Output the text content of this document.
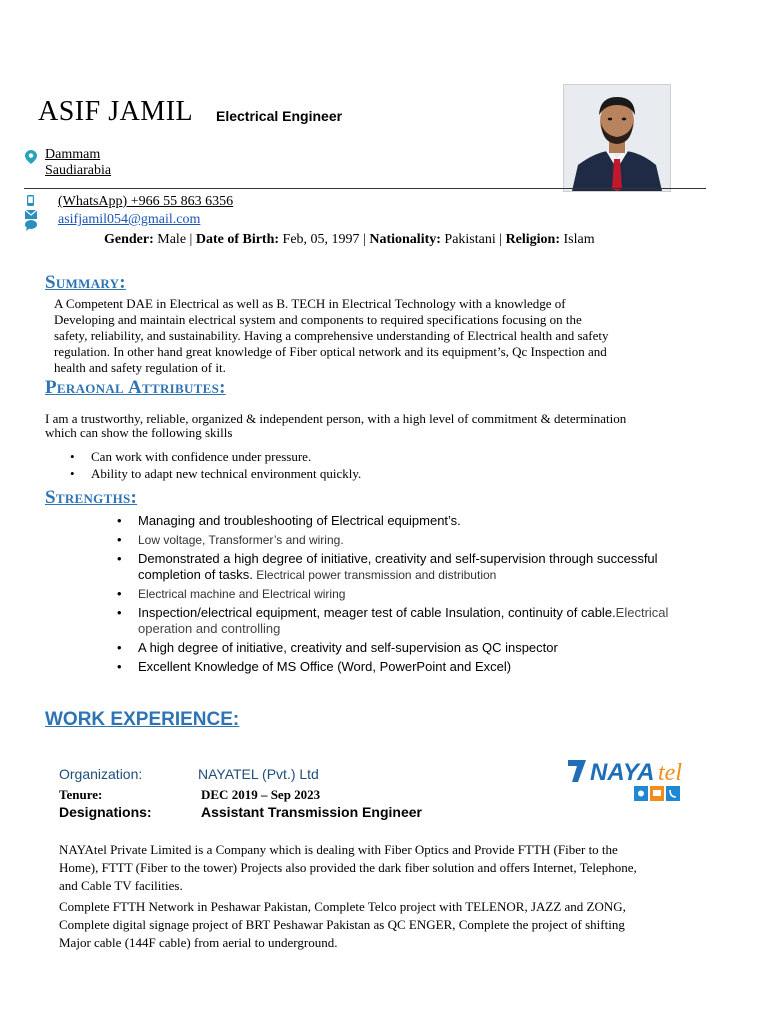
ASIF JAMIL Electrical Engineer
Dammam
Saudiarabia
(WhatsApp) +966 55 863 6356
asifjamil054@gmail.com
Gender: Male | Date of Birth: Feb, 05, 1997 | Nationality: Pakistani | Religion: Islam
Summary:
A Competent DAE in Electrical as well as B. TECH in Electrical Technology with a knowledge of
Developing and maintain electrical system and components to required specifications focusing on the
safety, reliability, and sustainability. Having a comprehensive understanding of Electrical health and safety
regulation. In other hand great knowledge of Fiber optical network and its equipment’s, Qc Inspection and
health and safety regulation of it.
Peraonal Attributes:
I am a trustworthy, reliable, organized & independent person, with a high level of commitment & determination
which can show the following skills
• Can work with confidence under pressure.
• Ability to adapt new technical environment quickly.
Strengths:
• Managing and troubleshooting of Electrical equipment’s.
• Low voltage, Transformer’s and wiring.
• Demonstrated a high degree of initiative, creativity and self-supervision through successful completion of tasks. Electrical power transmission and distribution
• Electrical machine and Electrical wiring
• Inspection/electrical equipment, meager test of cable Insulation, continuity of cable.Electrical operation and controlling
• A high degree of initiative, creativity and self-supervision as QC inspector
• Excellent Knowledge of MS Office (Word, PowerPoint and Excel)
WORK EXPERIENCE:
Organization:	NAYATEL (Pvt.) Ltd
Tenure:	DEC 2019 – Sep 2023
Designations:	Assistant Transmission Engineer
NAYA tel
NAYAtel Private Limited is a Company which is dealing with Fiber Optics and Provide FTTH (Fiber to the
Home), FTTT (Fiber to the tower) Projects also provided the dark fiber solution and offers Internet, Telephone,
and Cable TV facilities.
Complete FTTH Network in Peshawar Pakistan, Complete Telco project with TELENOR, JAZZ and ZONG,
Complete digital signage project of BRT Peshawar Pakistan as QC ENGER, Complete the project of shifting
Major cable (144F cable) from aerial to underground.
